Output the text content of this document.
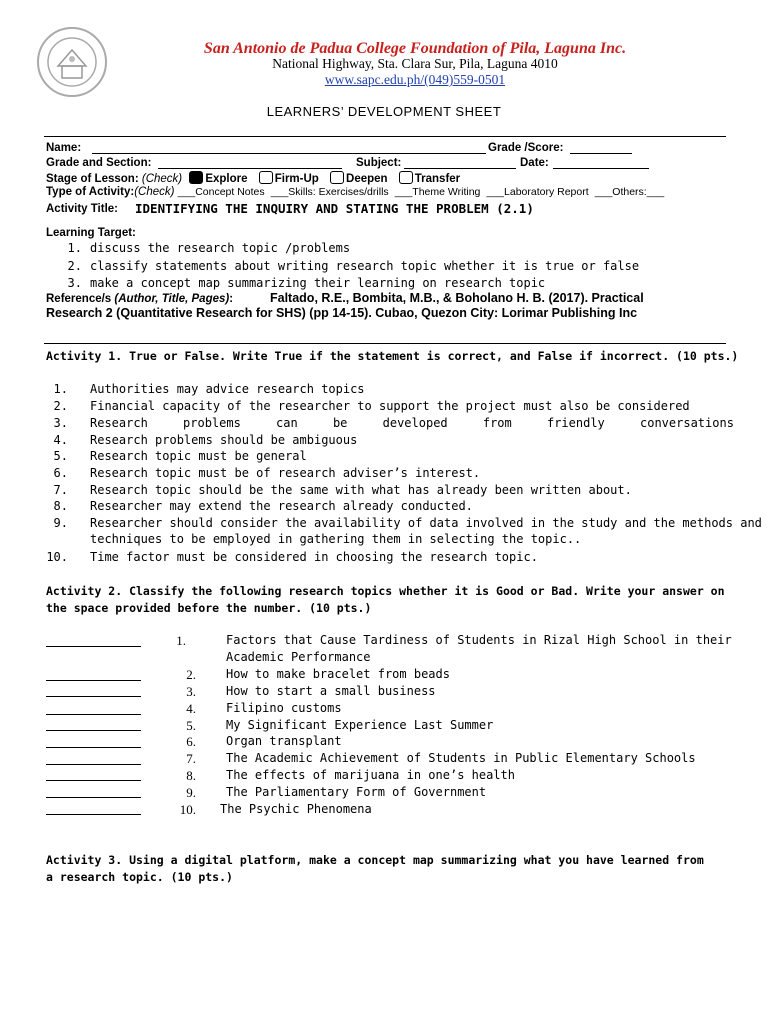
San Antonio de Padua College Foundation of Pila, Laguna Inc.
National Highway, Sta. Clara Sur, Pila, Laguna 4010
www.sapc.edu.ph/(049)559-0501
LEARNERS’ DEVELOPMENT SHEET
Name:	Grade /Score:
Grade and Section:	Subject:	Date:
Stage of Lesson: (Check) Explore Firm-Up Deepen Transfer
Type of Activity:(Check) ___Concept Notes  ___Skills: Exercises/drills  ___Theme Writing  ___Laboratory Report  ___Others:___
Activity Title: IDENTIFYING THE INQUIRY AND STATING THE PROBLEM (2.1)
Learning Target:
1. discuss the research topic /problems
2. classify statements about writing research topic whether it is true or false
3. make a concept map summarizing their learning on research topic
Reference/s (Author, Title, Pages):	Faltado, R.E., Bombita, M.B., & Boholano H. B. (2017). Practical
Research 2 (Quantitative Research for SHS) (pp 14-15). Cubao, Quezon City: Lorimar Publishing Inc
Activity 1. True or False. Write True if the statement is correct, and False if incorrect. (10 pts.)
1. Authorities may advice research topics
2. Financial capacity of the researcher to support the project must also be considered
3. Research problems can be developed from friendly conversations
4. Research problems should be ambiguous
5. Research topic must be general
6. Research topic must be of research adviser’s interest.
7. Research topic should be the same with what has already been written about.
8. Researcher may extend the research already conducted.
9. Researcher should consider the availability of data involved in the study and the methods and
techniques to be employed in gathering them in selecting the topic..
10. Time factor must be considered in choosing the research topic.
Activity 2. Classify the following research topics whether it is Good or Bad. Write your answer on
the space provided before the number. (10 pts.)
1.	Factors that Cause Tardiness of Students in Rizal High School in their
Academic Performance
2.	How to make bracelet from beads
3.	How to start a small business
4.	Filipino customs
5.	My Significant Experience Last Summer
6.	Organ transplant
7.	The Academic Achievement of Students in Public Elementary Schools
8.	The effects of marijuana in one’s health
9.	The Parliamentary Form of Government
10. The Psychic Phenomena
Activity 3. Using a digital platform, make a concept map summarizing what you have learned from
a research topic. (10 pts.)
